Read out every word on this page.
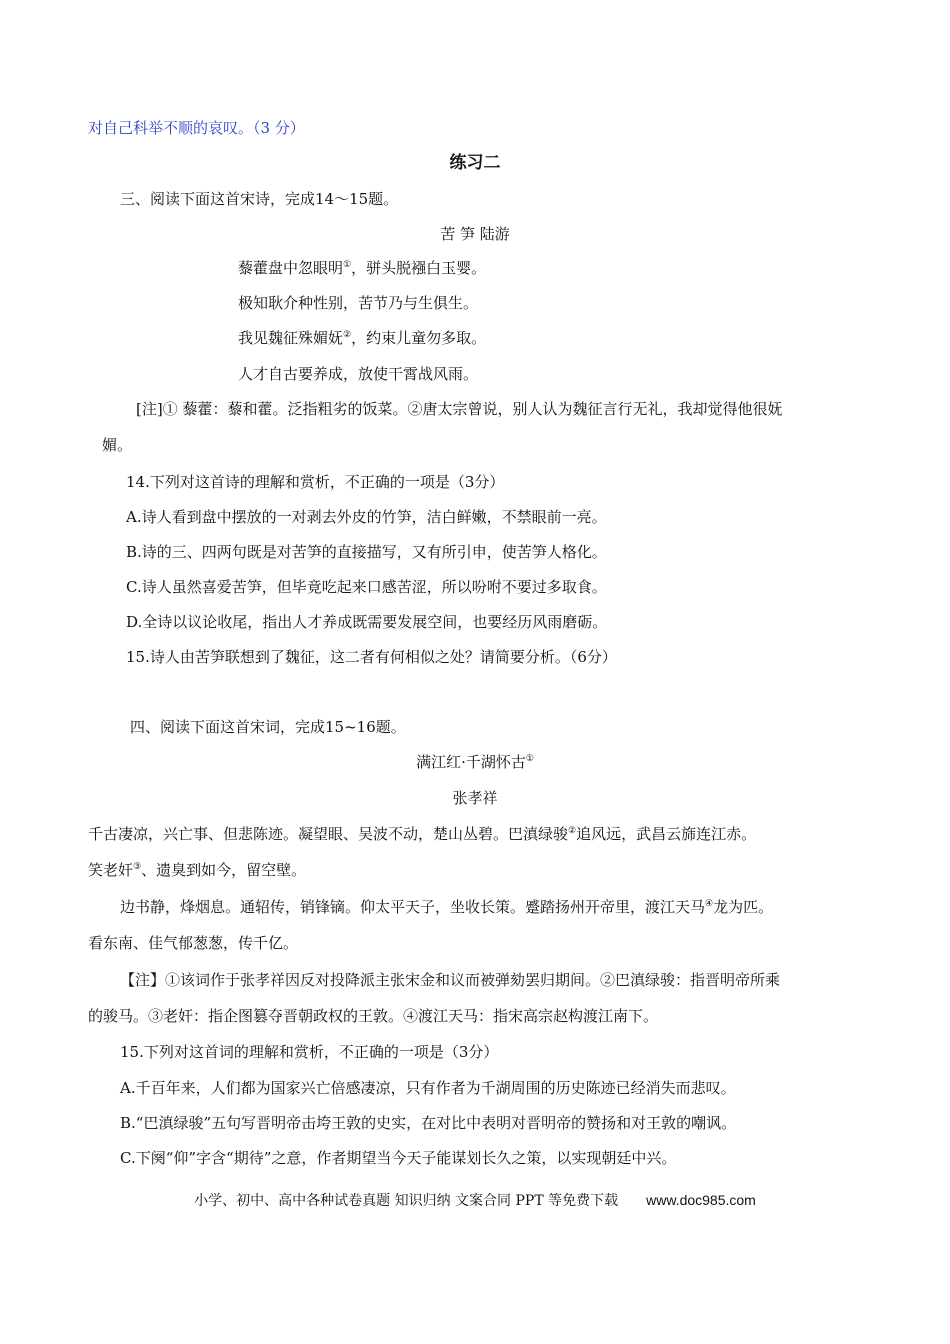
对自己科举不顺的哀叹。（3 分）
练习二
三、阅读下面这首宋诗，完成14～15题。
苦 笋 陆游
藜藿盘中忽眼明①，骈头脱襁白玉婴。
极知耿介种性别，苦节乃与生俱生。
我见魏征殊媚妩②，约束儿童勿多取。
人才自古要养成，放使干霄战风雨。
[注]① 藜藿：藜和藿。泛指粗劣的饭菜。②唐太宗曾说，别人认为魏征言行无礼，我却觉得他很妩
媚。
14.下列对这首诗的理解和赏析，不正确的一项是（3分）
A.诗人看到盘中摆放的一对剥去外皮的竹笋，洁白鲜嫩，不禁眼前一亮。
B.诗的三、四两句既是对苦笋的直接描写，又有所引申，使苦笋人格化。
C.诗人虽然喜爱苦笋，但毕竟吃起来口感苦涩，所以吩咐不要过多取食。
D.全诗以议论收尾，指出人才养成既需要发展空间，也要经历风雨磨砺。
15.诗人由苦笋联想到了魏征，这二者有何相似之处？请简要分析。（6分）
四、阅读下面这首宋词，完成15~16题。
满江红·千湖怀古①
张孝祥
千古凄凉，兴亡事、但悲陈迹。凝望眼、吴波不动，楚山丛碧。巴滇绿骏②追风远，武昌云旆连江赤。
笑老奸③、遗臭到如今，留空壁。
边书静，烽烟息。通轺传，销锋镝。仰太平天子，坐收长策。蹙踏扬州开帝里，渡江天马④龙为匹。
看东南、佳气郁葱葱，传千亿。
【注】①该词作于张孝祥因反对投降派主张宋金和议而被弹劾罢归期间。②巴滇绿骏：指晋明帝所乘
的骏马。③老奸：指企图篡夺晋朝政权的王敦。④渡江天马：指宋高宗赵构渡江南下。
15.下列对这首词的理解和赏析，不正确的一项是（3分）
A.千百年来，人们都为国家兴亡倍感凄凉，只有作者为千湖周围的历史陈迹已经消失而悲叹。
B.“巴滇绿骏”五句写晋明帝击垮王敦的史实，在对比中表明对晋明帝的赞扬和对王敦的嘲讽。
C.下阕“仰”字含“期待”之意，作者期望当今天子能谋划长久之策，以实现朝廷中兴。
小学、初中、高中各种试卷真题 知识归纳 文案合同 PPT 等免费下载 www.doc985.com
